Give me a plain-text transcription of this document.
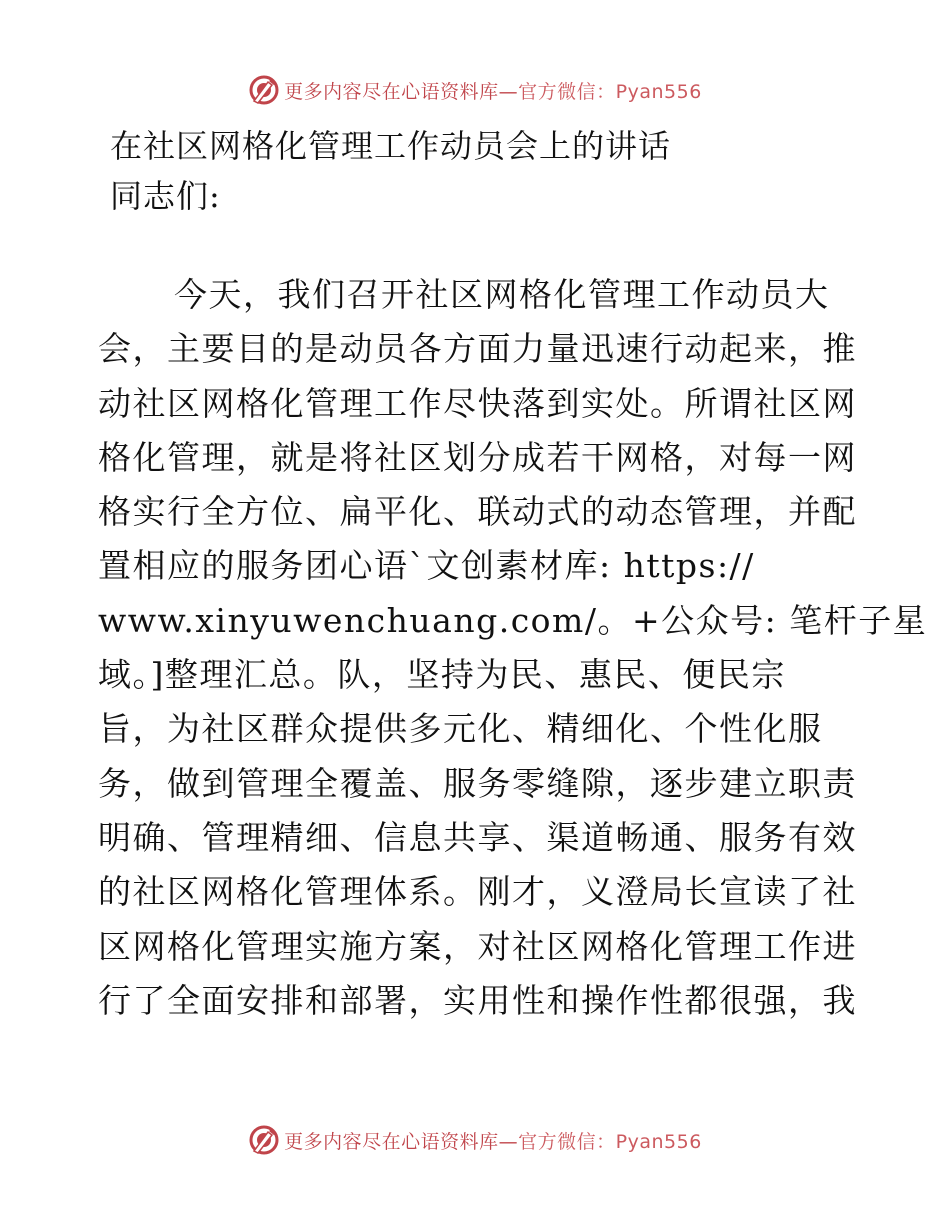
更多内容尽在心语资料库—官方微信：Pyan556
在社区网格化管理工作动员会上的讲话
同志们:
今天，我们召开社区网格化管理工作动员大
会，主要目的是动员各方面力量迅速行动起来，推
动社区网格化管理工作尽快落到实处。所谓社区网
格化管理，就是将社区划分成若干网格，对每一网
格实行全方位、扁平化、联动式的动态管理，并配
置相应的服务团心语`文创素材库: https://
www.xinyuwenchuang.com/。+公众号: 笔杆子星
域。]整理汇总。队，坚持为民、惠民、便民宗
旨，为社区群众提供多元化、精细化、个性化服
务，做到管理全覆盖、服务零缝隙，逐步建立职责
明确、管理精细、信息共享、渠道畅通、服务有效
的社区网格化管理体系。刚才，义澄局长宣读了社
区网格化管理实施方案，对社区网格化管理工作进
行了全面安排和部署，实用性和操作性都很强，我
更多内容尽在心语资料库—官方微信：Pyan556
